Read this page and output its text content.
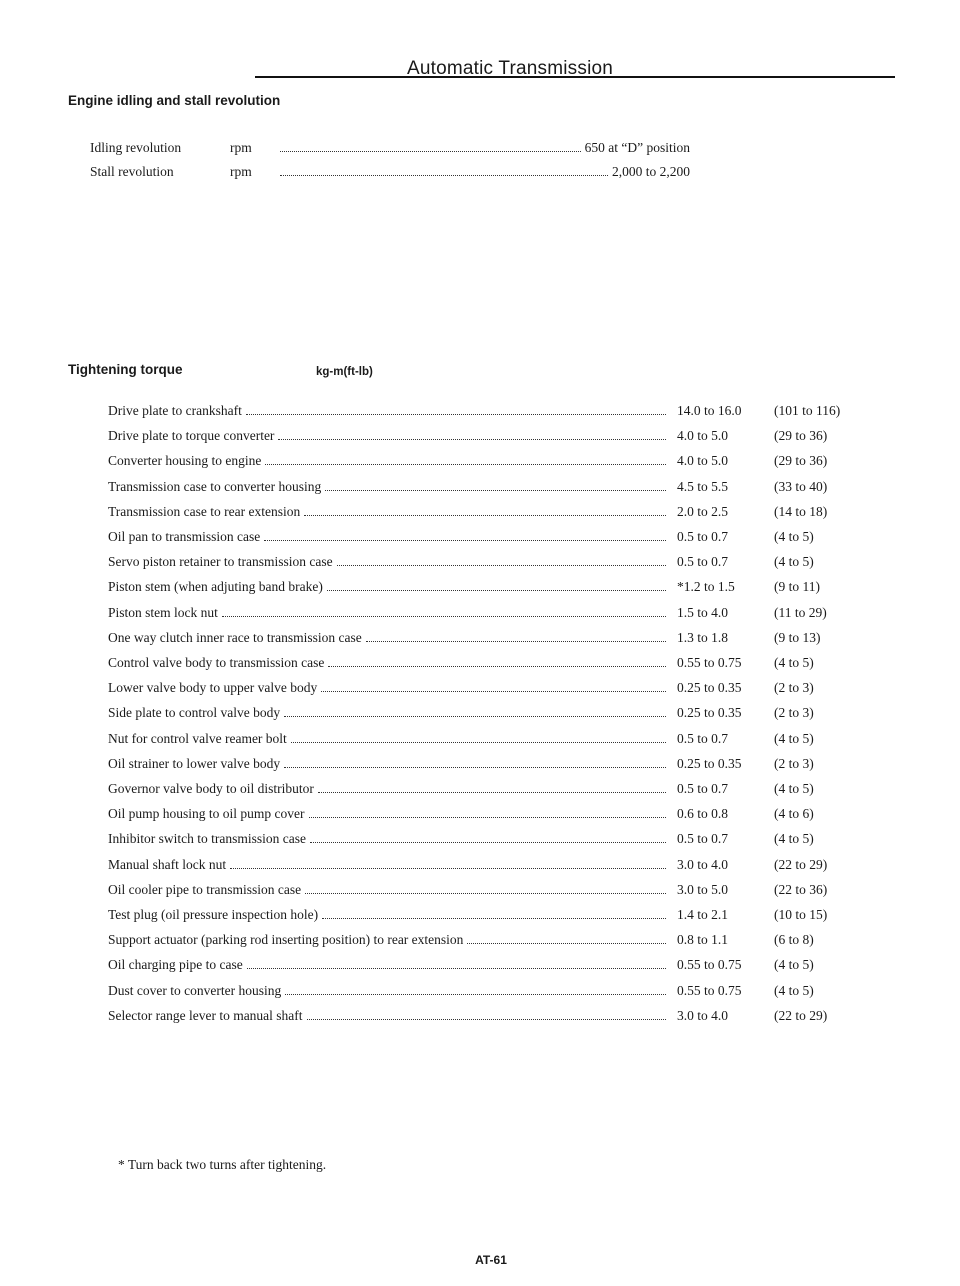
Automatic Transmission
Engine idling and stall revolution
Idling revolution	rpm	650 at “D” position
Stall revolution	rpm	2,000 to 2,200
Tightening torque	kg-m(ft-lb)
Drive plate to crankshaft	14.0 to 16.0 (101 to 116)
Drive plate to torque converter	4.0 to 5.0	(29 to 36)
Converter housing to engine	4.0 to 5.0	(29 to 36)
Transmission case to converter housing	4.5 to 5.5	(33 to 40)
Transmission case to rear extension	2.0 to 2.5	(14 to 18)
Oil pan to transmission case	0.5 to 0.7	(4 to 5)
Servo piston retainer to transmission case	0.5 to 0.7	(4 to 5)
Piston stem (when adjuting band brake)	*1.2 to 1.5	(9 to 11)
Piston stem lock nut	1.5 to 4.0	(11 to 29)
One way clutch inner race to transmission case	1.3 to 1.8	(9 to 13)
Control valve body to transmission case	0.55 to 0.75 (4 to 5)
Lower valve body to upper valve body	0.25 to 0.35 (2 to 3)
Side plate to control valve body	0.25 to 0.35 (2 to 3)
Nut for control valve reamer bolt	0.5 to 0.7	(4 to 5)
Oil strainer to lower valve body	0.25 to 0.35 (2 to 3)
Governor valve body to oil distributor	0.5 to 0.7	(4 to 5)
Oil pump housing to oil pump cover	0.6 to 0.8	(4 to 6)
Inhibitor switch to transmission case	0.5 to 0.7	(4 to 5)
Manual shaft lock nut	3.0 to 4.0	(22 to 29)
Oil cooler pipe to transmission case	3.0 to 5.0	(22 to 36)
Test plug (oil pressure inspection hole)	1.4 to 2.1	(10 to 15)
Support actuator (parking rod inserting position) to rear extension	0.8 to 1.1	(6 to 8)
Oil charging pipe to case	0.55 to 0.75 (4 to 5)
Dust cover to converter housing	0.55 to 0.75 (4 to 5)
Selector range lever to manual shaft	3.0 to 4.0	(22 to 29)
* Turn back two turns after tightening.
AT-61
